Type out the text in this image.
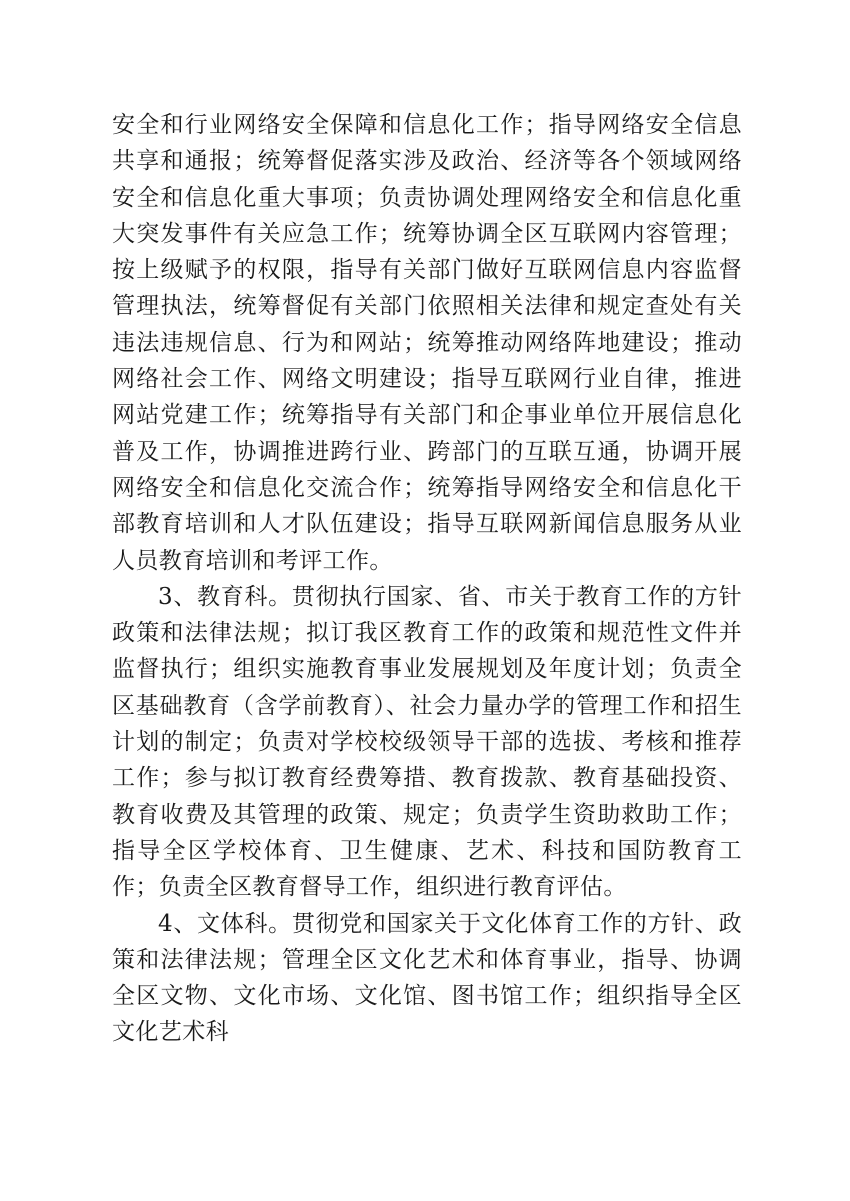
安全和行业网络安全保障和信息化工作；指导网络安全信息共享和通报；统筹督促落实涉及政治、经济等各个领域网络安全和信息化重大事项；负责协调处理网络安全和信息化重大突发事件有关应急工作；统筹协调全区互联网内容管理；按上级赋予的权限，指导有关部门做好互联网信息内容监督管理执法，统筹督促有关部门依照相关法律和规定查处有关违法违规信息、行为和网站；统筹推动网络阵地建设；推动网络社会工作、网络文明建设；指导互联网行业自律，推进网站党建工作；统筹指导有关部门和企事业单位开展信息化普及工作，协调推进跨行业、跨部门的互联互通，协调开展网络安全和信息化交流合作；统筹指导网络安全和信息化干部教育培训和人才队伍建设；指导互联网新闻信息服务从业人员教育培训和考评工作。

3、教育科。贯彻执行国家、省、市关于教育工作的方针政策和法律法规；拟订我区教育工作的政策和规范性文件并监督执行；组织实施教育事业发展规划及年度计划；负责全区基础教育（含学前教育）、社会力量办学的管理工作和招生计划的制定；负责对学校校级领导干部的选拔、考核和推荐工作；参与拟订教育经费筹措、教育拨款、教育基础投资、教育收费及其管理的政策、规定；负责学生资助救助工作；指导全区学校体育、卫生健康、艺术、科技和国防教育工作；负责全区教育督导工作，组织进行教育评估。

4、文体科。贯彻党和国家关于文化体育工作的方针、政策和法律法规；管理全区文化艺术和体育事业，指导、协调全区文物、文化市场、文化馆、图书馆工作；组织指导全区文化艺术科
